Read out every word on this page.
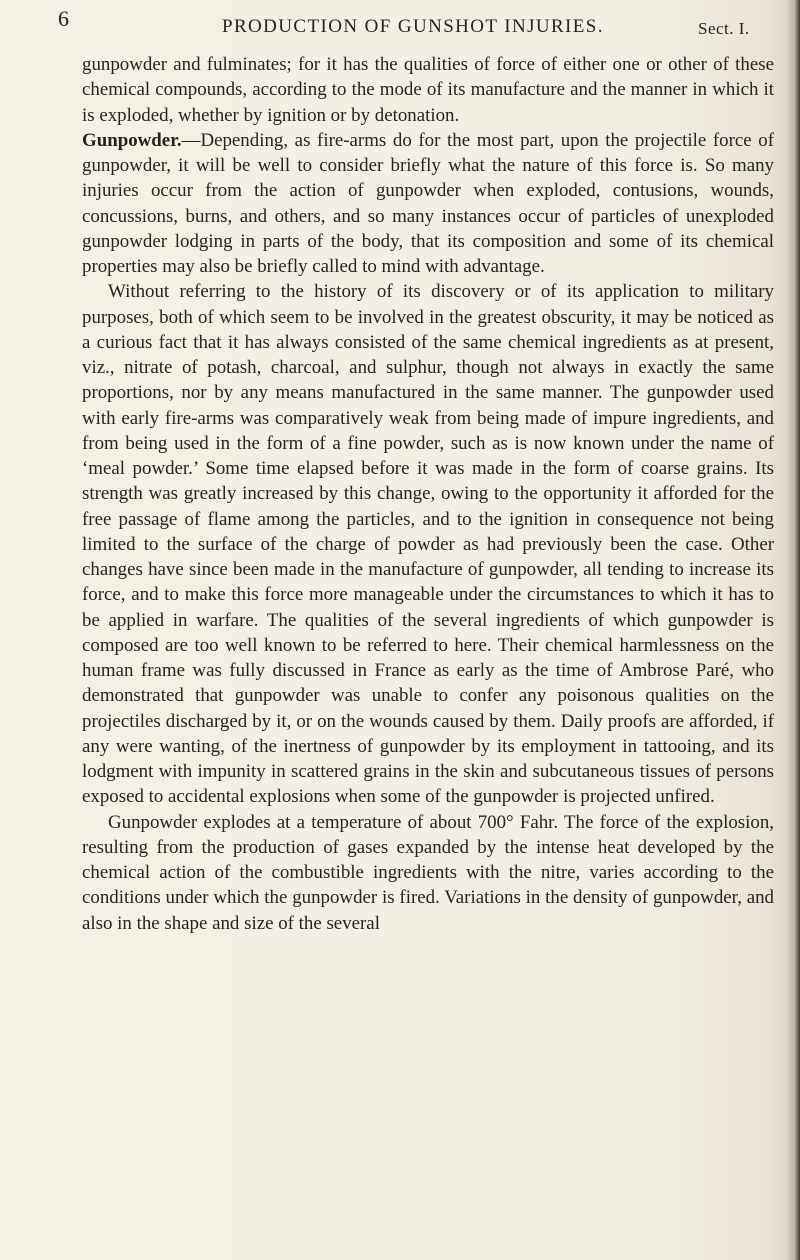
6	PRODUCTION OF GUNSHOT INJURIES.	Sect. I.

gunpowder and fulminates; for it has the qualities of force of either one or other of these chemical compounds, according to the mode of its manufacture and the manner in which it is exploded, whether by ignition or by detonation.

Gunpowder.—Depending, as fire-arms do for the most part, upon the projectile force of gunpowder, it will be well to consider briefly what the nature of this force is. So many injuries occur from the action of gunpowder when exploded, contusions, wounds, concussions, burns, and others, and so many instances occur of particles of unexploded gunpowder lodging in parts of the body, that its composition and some of its chemical properties may also be briefly called to mind with advantage.

Without referring to the history of its discovery or of its application to military purposes, both of which seem to be involved in the greatest obscurity, it may be noticed as a curious fact that it has always consisted of the same chemical ingredients as at present, viz., nitrate of potash, charcoal, and sulphur, though not always in exactly the same proportions, nor by any means manufactured in the same manner. The gunpowder used with early fire-arms was comparatively weak from being made of impure ingredients, and from being used in the form of a fine powder, such as is now known under the name of ‘meal powder.’ Some time elapsed before it was made in the form of coarse grains. Its strength was greatly increased by this change, owing to the opportunity it afforded for the free passage of flame among the particles, and to the ignition in consequence not being limited to the surface of the charge of powder as had previously been the case. Other changes have since been made in the manufacture of gunpowder, all tending to increase its force, and to make this force more manageable under the circumstances to which it has to be applied in warfare. The qualities of the several ingredients of which gunpowder is composed are too well known to be referred to here. Their chemical harmlessness on the human frame was fully discussed in France as early as the time of Ambrose Paré, who demonstrated that gunpowder was unable to confer any poisonous qualities on the projectiles discharged by it, or on the wounds caused by them. Daily proofs are afforded, if any were wanting, of the inertness of gunpowder by its employment in tattooing, and its lodgment with impunity in scattered grains in the skin and subcutaneous tissues of persons exposed to accidental explosions when some of the gunpowder is projected unfired.

Gunpowder explodes at a temperature of about 700° Fahr. The force of the explosion, resulting from the production of gases expanded by the intense heat developed by the chemical action of the combustible ingredients with the nitre, varies according to the conditions under which the gunpowder is fired. Variations in the density of gunpowder, and also in the shape and size of the several
